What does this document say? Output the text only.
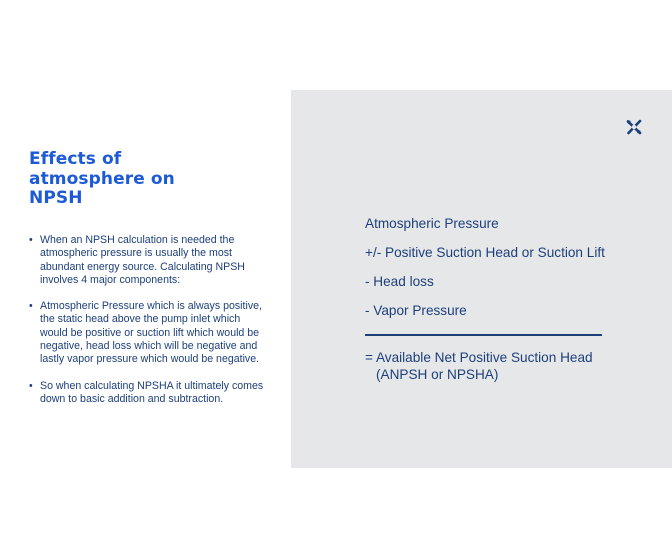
Effects of
atmosphere on
NPSH
• When an NPSH calculation is needed the atmospheric pressure is usually the most abundant energy source. Calculating NPSH involves 4 major components:
• Atmospheric Pressure which is always positive, the static head above the pump inlet which would be positive or suction lift which would be negative, head loss which will be negative and lastly vapor pressure which would be negative.
• So when calculating NPSHA it ultimately comes down to basic addition and subtraction.
Atmospheric Pressure
+/- Positive Suction Head or Suction Lift
- Head loss
- Vapor Pressure
= Available Net Positive Suction Head
(ANPSH or NPSHA)
